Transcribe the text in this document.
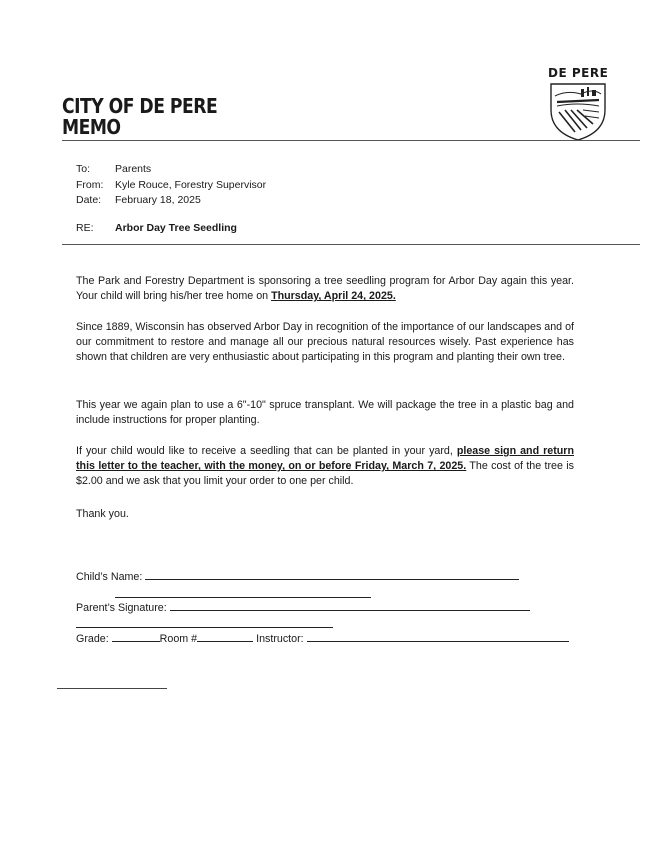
CITY OF DE PERE
MEMO
DE PERE
To: Parents
From: Kyle Rouce, Forestry Supervisor
Date: February 18, 2025
RE: Arbor Day Tree Seedling
The Park and Forestry Department is sponsoring a tree seedling program for Arbor Day again this year. Your child will bring his/her tree home on Thursday, April 24, 2025.
Since 1889, Wisconsin has observed Arbor Day in recognition of the importance of our landscapes and of our commitment to restore and manage all our precious natural resources wisely. Past experience has shown that children are very enthusiastic about participating in this program and planting their own tree.
This year we again plan to use a 6"-10" spruce transplant. We will package the tree in a plastic bag and include instructions for proper planting.
If your child would like to receive a seedling that can be planted in your yard, please sign and return this letter to the teacher, with the money, on or before Friday, March 7, 2025. The cost of the tree is $2.00 and we ask that you limit your order to one per child.
Thank you.
Child’s Name:
Parent’s Signature:
Grade:	Room #	Instructor:
